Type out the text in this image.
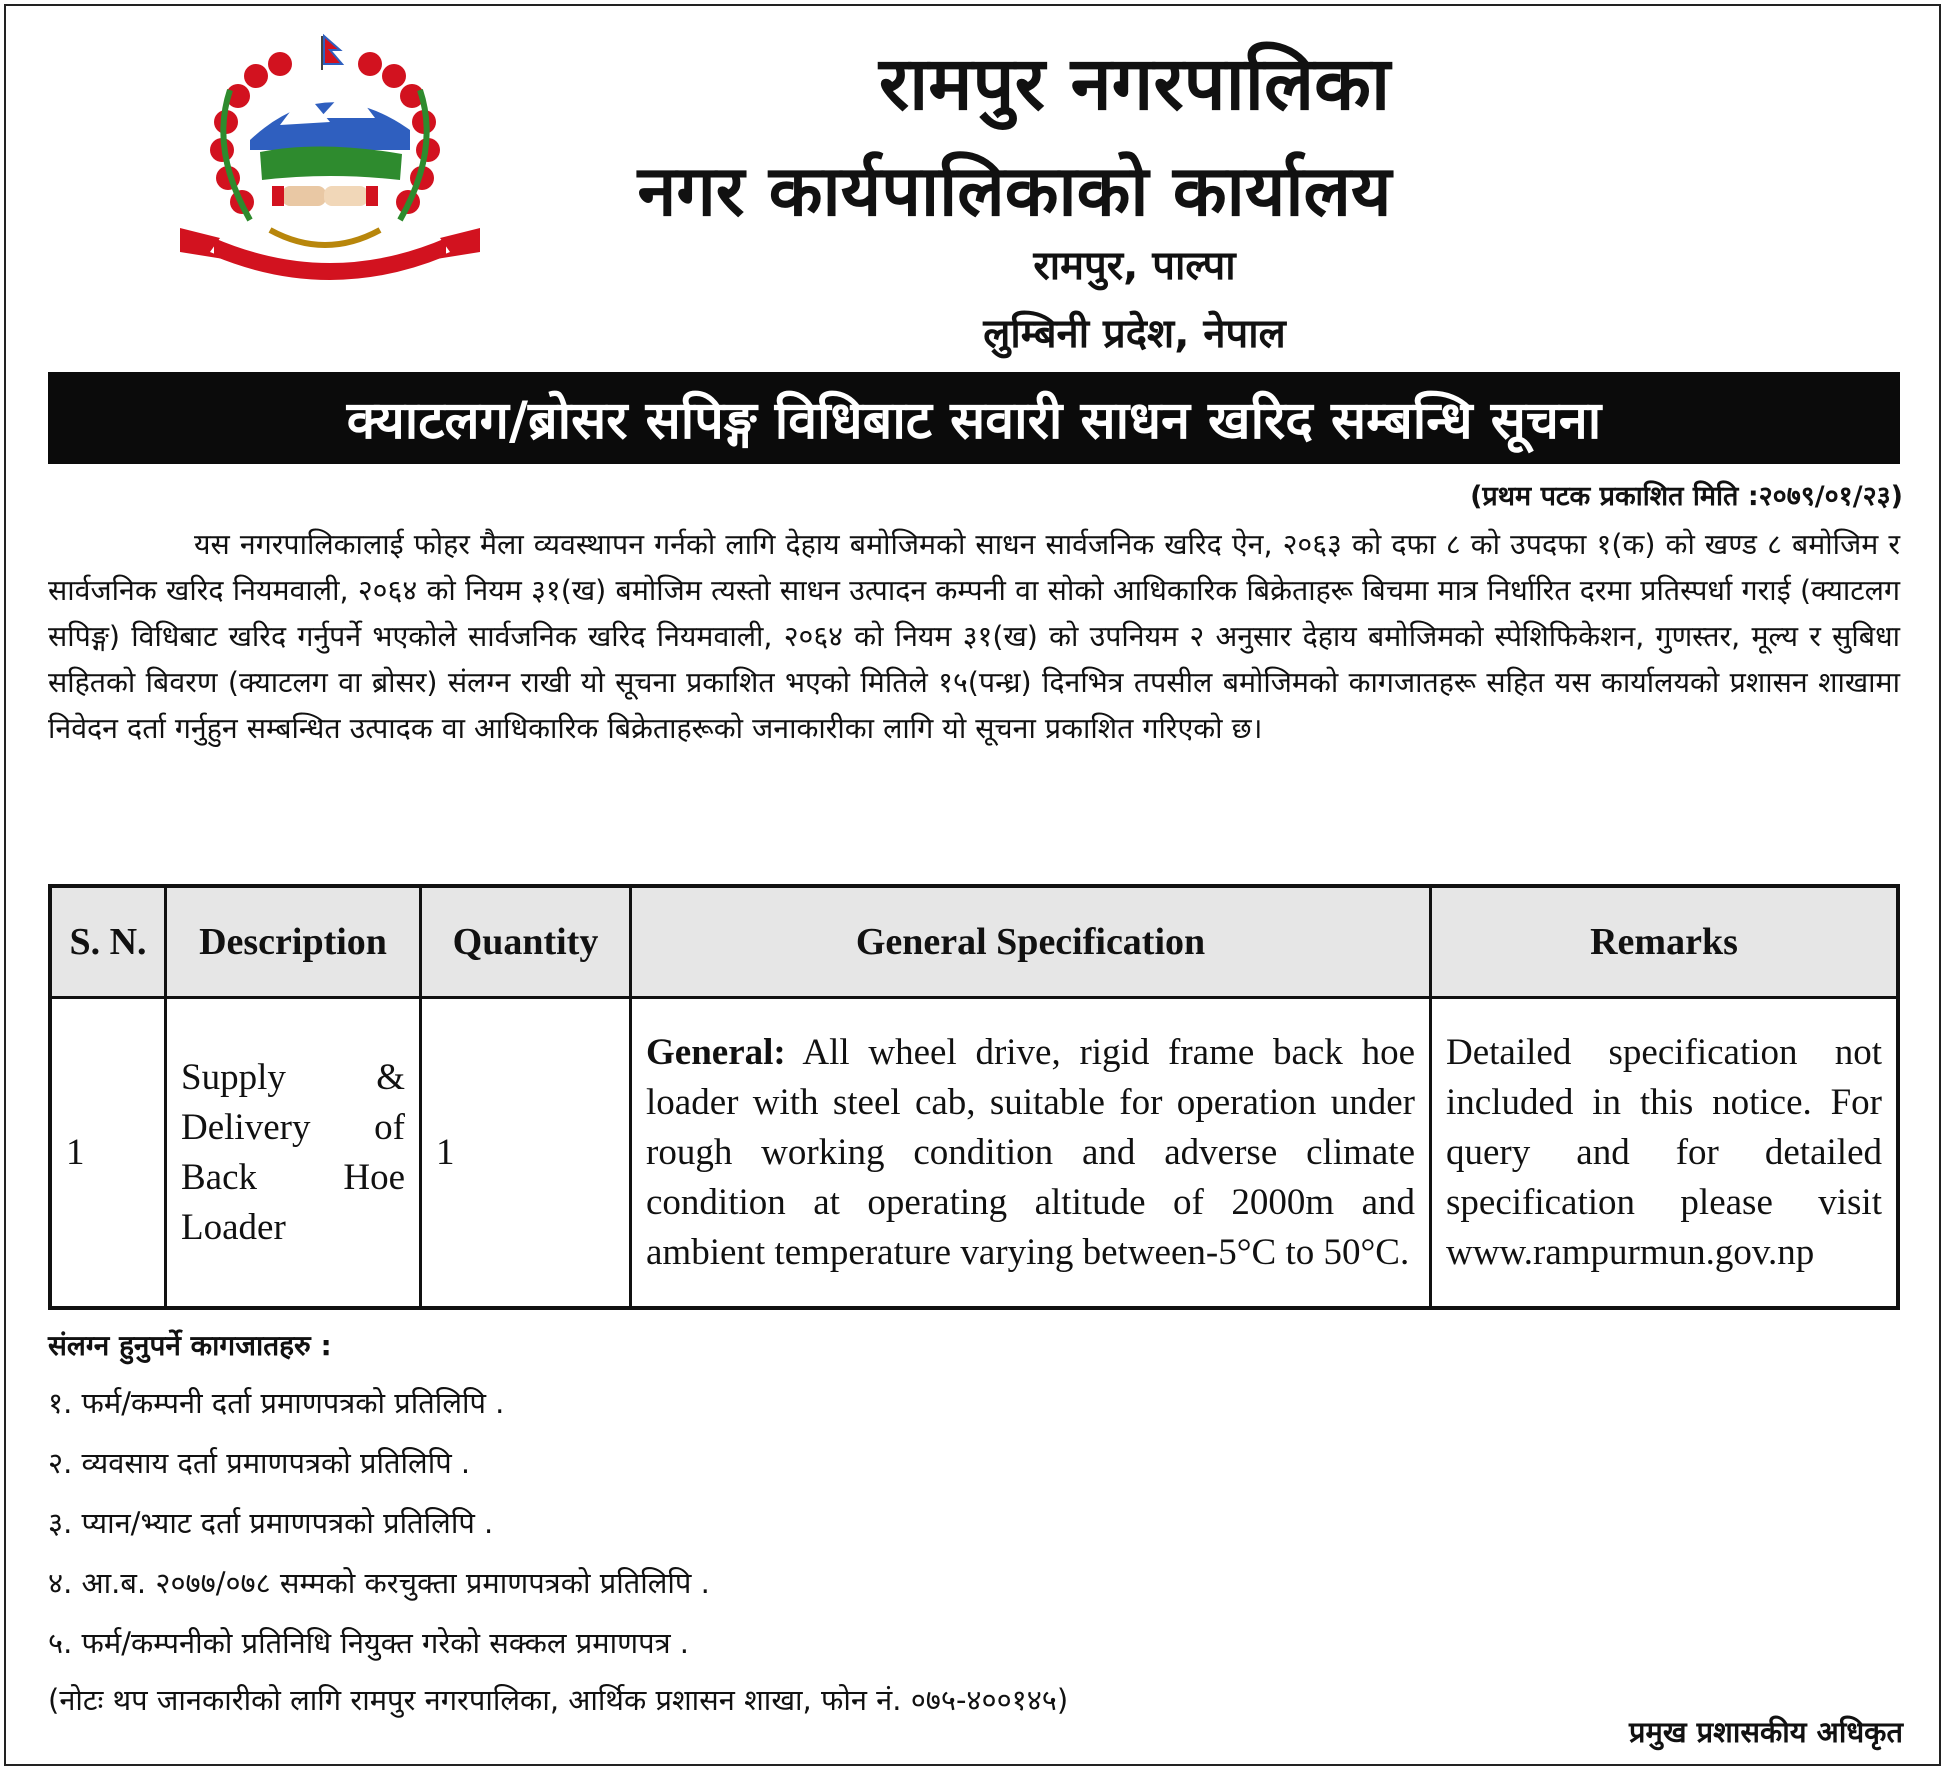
रामपुर नगरपालिका
नगर कार्यपालिकाको कार्यालय
रामपुर, पाल्पा
लुम्बिनी प्रदेश, नेपाल
क्याटलग/ब्रोसर सपिङ्ग विधिबाट सवारी साधन खरिद सम्बन्धि सूचना
(प्रथम पटक प्रकाशित मिति :२०७९/०१/२३)
यस नगरपालिकालाई फोहर मैला व्यवस्थापन गर्नको लागि देहाय बमोजिमको साधन सार्वजनिक खरिद ऐन, २०६३ को दफा ८ को उपदफा १(क) को खण्ड ८ बमोजिम र सार्वजनिक खरिद नियमवाली, २०६४ को नियम ३१(ख) बमोजिम त्यस्तो साधन उत्पादन कम्पनी वा सोको आधिकारिक बिक्रेताहरू बिचमा मात्र निर्धारित दरमा प्रतिस्पर्धा गराई (क्याटलग सपिङ्ग) विधिबाट खरिद गर्नुपर्ने भएकोले सार्वजनिक खरिद नियमवाली, २०६४ को नियम ३१(ख) को उपनियम २ अनुसार देहाय बमोजिमको स्पेशिफिकेशन, गुणस्तर, मूल्य र सुबिधा सहितको बिवरण (क्याटलग वा ब्रोसर) संलग्न राखी यो सूचना प्रकाशित भएको मितिले १५(पन्ध्र) दिनभित्र तपसील बमोजिमको कागजातहरू सहित यस कार्यालयको प्रशासन शाखामा निवेदन दर्ता गर्नुहुन सम्बन्धित उत्पादक वा आधिकारिक बिक्रेताहरूको जनाकारीका लागि यो सूचना प्रकाशित गरिएको छ।
S. N.	Description	Quantity	General Specification	Remarks
1	Supply & Delivery of Back Hoe Loader	1	General: All wheel drive, rigid frame back hoe loader with steel cab, suitable for operation under rough working condition and adverse climate condition at operating altitude of 2000m and ambient temperature varying between-5°C to 50°C.	Detailed specification not included in this notice. For query and for detailed specification please visit www.rampurmun.gov.np
संलग्न हुनुपर्ने कागजातहरु :
१. फर्म/कम्पनी दर्ता प्रमाणपत्रको प्रतिलिपि .
२. व्यवसाय दर्ता प्रमाणपत्रको प्रतिलिपि .
३. प्यान/भ्याट दर्ता प्रमाणपत्रको प्रतिलिपि .
४. आ.ब. २०७७/०७८ सम्मको करचुक्ता प्रमाणपत्रको प्रतिलिपि .
५. फर्म/कम्पनीको प्रतिनिधि नियुक्त गरेको सक्कल प्रमाणपत्र .
(नोटः थप जानकारीको लागि रामपुर नगरपालिका, आर्थिक प्रशासन शाखा, फोन नं. ०७५-४००१४५)
प्रमुख प्रशासकीय अधिकृत
